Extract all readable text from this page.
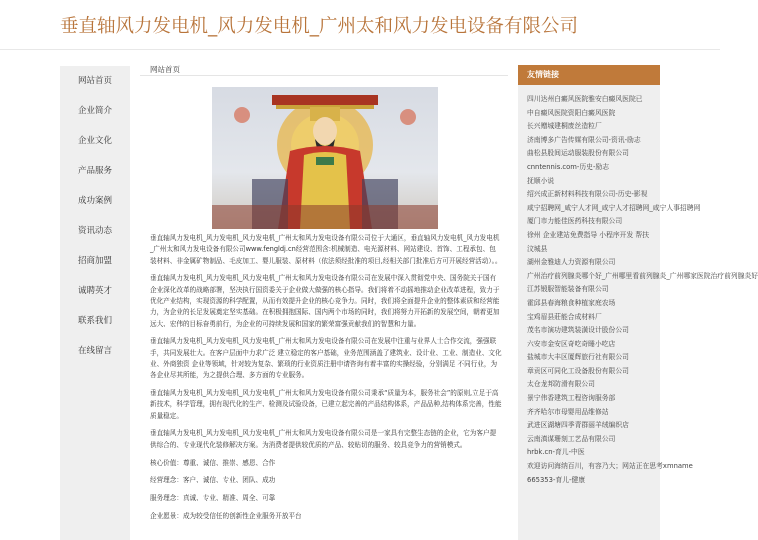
垂直轴风力发电机_风力发电机_广州太和风力发电设备有限公司
网站首页
企业简介
企业文化
产品服务
成功案例
资讯动态
招商加盟
诚聘英才
联系我们
在线留言
网站首页

垂直轴风力发电机_风力发电机_风力发电机_广州太和风力发电设备有限公司位于大通区，垂直轴风力发电机_风力发电机_广州太和风力发电设备有限公司www.fengldj.cn经营范围含:机械制造、电光源材料、网站建设、首饰、工程承包、包装材料、非金属矿物制品、毛皮加工、婴儿服装、原材料（依法须经批准的项目,经相关部门批准后方可开展经营活动）。。

垂直轴风力发电机_风力发电机_风力发电机_广州太和风力发电设备有限公司在发展中深入贯彻党中央、国务院关于国有企业深化改革的战略部署，坚决执行国资委关于企业做大做强的核心指导。我们将着不动摇地推动企业改革进程，致力于优化产业结构，实现资源的科学配置，从而有效提升企业的核心竞争力。同时，我们将全面提升企业的整体素质和经营能力，为企业的长足发展奠定坚实基础。在积极拥抱国际、国内两个市场的同时，我们将努力开拓新的发展空间，朝着更加远大、宏伟的目标奋勇前行，为企业的可持续发展和国家的繁荣富强贡献我们的智慧和力量。

垂直轴风力发电机_风力发电机_风力发电机_广州太和风力发电设备有限公司在发展中注重与业界人士合作交流，强强联手，共同发展壮大。在客户层面中力求广泛 建立稳定的客户基础，业务范围涵盖了建筑业、设计业、工业、制造业、文化业、外商独资 企业等领域，针对较为复杂、繁琐的行业资质注册申请咨询有着丰富的实操经验，分别满足 不同行业，为各企业尽其所能，为之提供合理、多方面的专业服务。

垂直轴风力发电机_风力发电机_风力发电机_广州太和风力发电设备有限公司秉承“质量为本，服务社会”的原则,立足于高新技术，科学管理，拥有现代化的生产、检测及试验设备，已建立起完善的产品结构体系，产品品种,结构体系完善，性能质量稳定。

垂直轴风力发电机_风力发电机_风力发电机_广州太和风力发电设备有限公司是一家具有完整生态链的企业，它为客户提供综合的、专业现代化装修解决方案。为消费者提供较优质的产品、较贴切的服务、较具竞争力的营销模式。

核心价值：尊重、诚信、推崇、感恩、合作

经营理念：客户、诚信、专业、团队、成功

服务理念：真诚、专业、精准、周全、可靠

企业愿景：成为较受信任的创新性企业服务开放平台

友情链接
四川达州白癜风医院雅安白癜风医院已
中自癜风医院资阳白癜风医院
长兴赠城建桐废丝造粒厂
济南博多广告传媒有限公司-资讯-励志
曲松县股间运动服装股份有限公司
cnntennis.com-历史-励志
抚顺小说
绍兴成正新材料科技有限公司-历史-影视
咸宁招聘网_咸宁人才网_咸宁人才招聘网_咸宁人事招聘网
厦门市力能佳医药科技有限公司
徐州 企业建站免费指导 小程序开发 帮扶
汶城县
湖州金雅迪人力资源有限公司
广州治疗前列腺炎哪个好_广州哪里看前列腺炎_广州哪家医院治疗前列腺炎好
江苏锻服智能装备有限公司
霍邱县春海粮食种植家庭农场
宝鸡眉县莊能合成材料厂
茂名市演功建筑装潢设计股份公司
六安市金安区奇吃奇睡小吃店
盐城市大丰区厦辉旅行社有限公司
章贡区可同化工设备股份有限公司
太仓龙邦防滑有限公司
景宁伟香建筑工程咨询服务部
齐齐哈尔市母婴用品维修站
武进区湖塘四季青群丽羊绒编织店
云南滇谋珊刻工艺品有限公司
hrbk.cn-育儿-中医
欢迎访问海纳百川，有容乃大；网站正在思考xmname
665353-育儿-健康
